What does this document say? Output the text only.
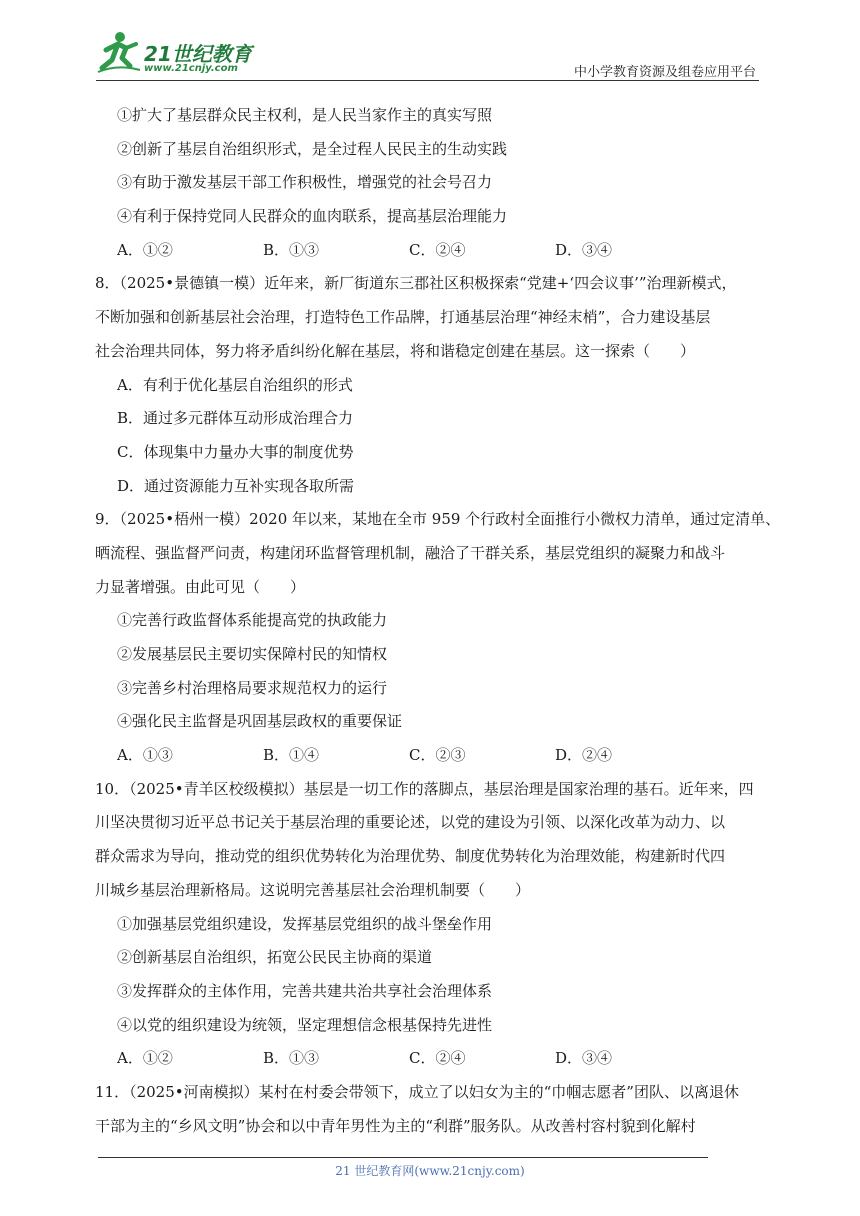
21世纪教育
www.21cnjy.com	中小学教育资源及组卷应用平台
①扩大了基层群众民主权利，是人民当家作主的真实写照
②创新了基层自治组织形式，是全过程人民民主的生动实践
③有助于激发基层干部工作积极性，增强党的社会号召力
④有利于保持党同人民群众的血肉联系，提高基层治理能力
A．①②	B．①③	C．②④	D．③④
8．（2025•景德镇一模）近年来，新厂街道东三郡社区积极探索“党建+‘四会议事’”治理新模式，
不断加强和创新基层社会治理，打造特色工作品牌，打通基层治理“神经末梢”，合力建设基层
社会治理共同体，努力将矛盾纠纷化解在基层，将和谐稳定创建在基层。这一探索（　　）
A．有利于优化基层自治组织的形式
B．通过多元群体互动形成治理合力
C．体现集中力量办大事的制度优势
D．通过资源能力互补实现各取所需
9．（2025•梧州一模）2020 年以来，某地在全市 959 个行政村全面推行小微权力清单，通过定清单、
晒流程、强监督严问责，构建闭环监督管理机制，融洽了干群关系，基层党组织的凝聚力和战斗
力显著增强。由此可见（　　）
①完善行政监督体系能提高党的执政能力
②发展基层民主要切实保障村民的知情权
③完善乡村治理格局要求规范权力的运行
④强化民主监督是巩固基层政权的重要保证
A．①③	B．①④	C．②③	D．②④
10．（2025•青羊区校级模拟）基层是一切工作的落脚点，基层治理是国家治理的基石。近年来，四
川坚决贯彻习近平总书记关于基层治理的重要论述，以党的建设为引领、以深化改革为动力、以
群众需求为导向，推动党的组织优势转化为治理优势、制度优势转化为治理效能，构建新时代四
川城乡基层治理新格局。这说明完善基层社会治理机制要（　　）
①加强基层党组织建设，发挥基层党组织的战斗堡垒作用
②创新基层自治组织，拓宽公民民主协商的渠道
③发挥群众的主体作用，完善共建共治共享社会治理体系
④以党的组织建设为统领，坚定理想信念根基保持先进性
A．①②	B．①③	C．②④	D．③④
11．（2025•河南模拟）某村在村委会带领下，成立了以妇女为主的“巾帼志愿者”团队、以离退休
干部为主的“乡风文明”协会和以中青年男性为主的“利群”服务队。从改善村容村貌到化解村
21 世纪教育网(www.21cnjy.com)
